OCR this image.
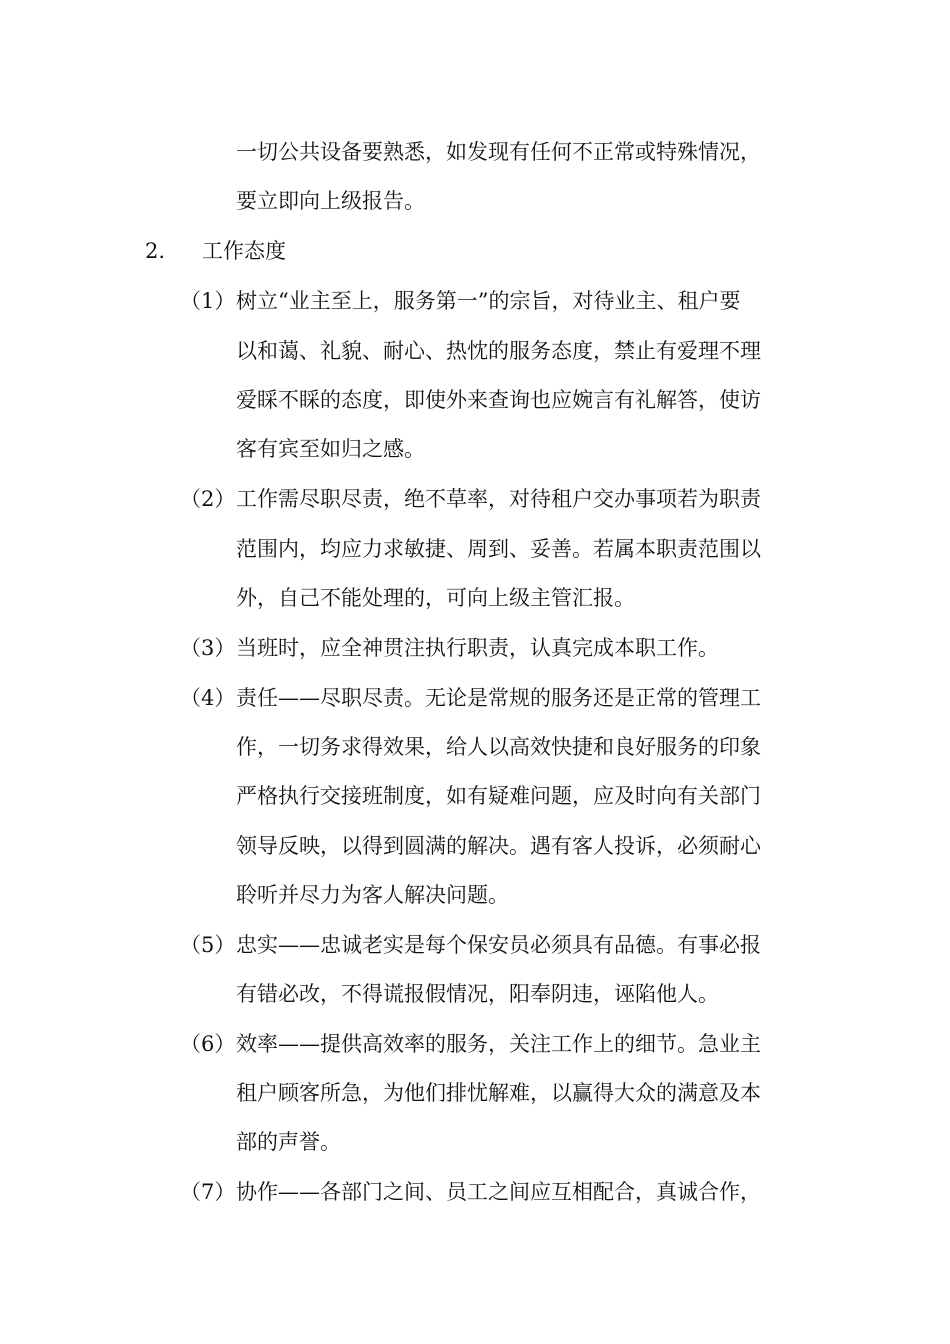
一切公共设备要熟悉，如发现有任何不正常或特殊情况，
要立即向上级报告。
2. 工作态度
（1） 树立“业主至上，服务第一”的宗旨，对待业主、租户要
以和蔼、礼貌、耐心、热忱的服务态度，禁止有爱理不理
爱睬不睬的态度，即使外来查询也应婉言有礼解答，使访
客有宾至如归之感。
（2） 工作需尽职尽责，绝不草率，对待租户交办事项若为职责
范围内，均应力求敏捷、周到、妥善。若属本职责范围以
外，自己不能处理的，可向上级主管汇报。
（3） 当班时，应全神贯注执行职责，认真完成本职工作。
（4） 责任——尽职尽责。无论是常规的服务还是正常的管理工
作，一切务求得效果，给人以高效快捷和良好服务的印象
严格执行交接班制度，如有疑难问题，应及时向有关部门
领导反映，以得到圆满的解决。遇有客人投诉，必须耐心
聆听并尽力为客人解决问题。
（5） 忠实——忠诚老实是每个保安员必须具有品德。有事必报
有错必改，不得谎报假情况，阳奉阴违，诬陷他人。
（6） 效率——提供高效率的服务，关注工作上的细节。急业主
租户顾客所急，为他们排忧解难，以赢得大众的满意及本
部的声誉。
（7） 协作——各部门之间、员工之间应互相配合，真诚合作，
